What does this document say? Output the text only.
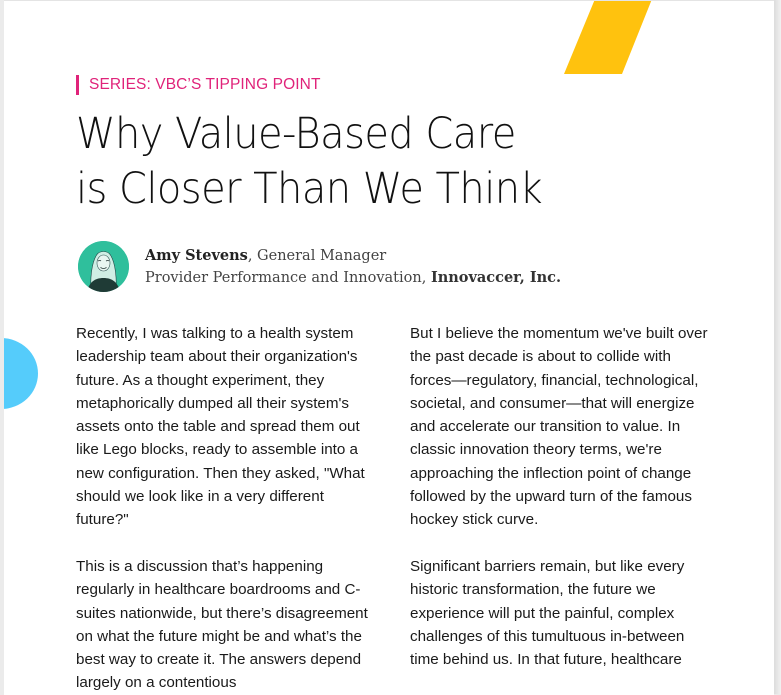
SERIES: VBC’S TIPPING POINT
Why Value-Based Care
is Closer Than We Think
Amy Stevens, General Manager
Provider Performance and Innovation, Innovaccer, Inc.

Recently, I was talking to a health system leadership team about their organization's future. As a thought experiment, they metaphorically dumped all their system's assets onto the table and spread them out like Lego blocks, ready to assemble into a new configuration. Then they asked, "What should we look like in a very different future?"

This is a discussion that’s happening regularly in healthcare boardrooms and C-suites nationwide, but there’s disagreement on what the future might be and what’s the best way to create it. The answers depend largely on a contentious

But I believe the momentum we've built over the past decade is about to collide with forces—regulatory, financial, technological, societal, and consumer—that will energize and accelerate our transition to value. In classic innovation theory terms, we're approaching the inflection point of change followed by the upward turn of the famous hockey stick curve.

Significant barriers remain, but like every historic transformation, the future we experience will put the painful, complex challenges of this tumultuous in-between time behind us. In that future, healthcare
